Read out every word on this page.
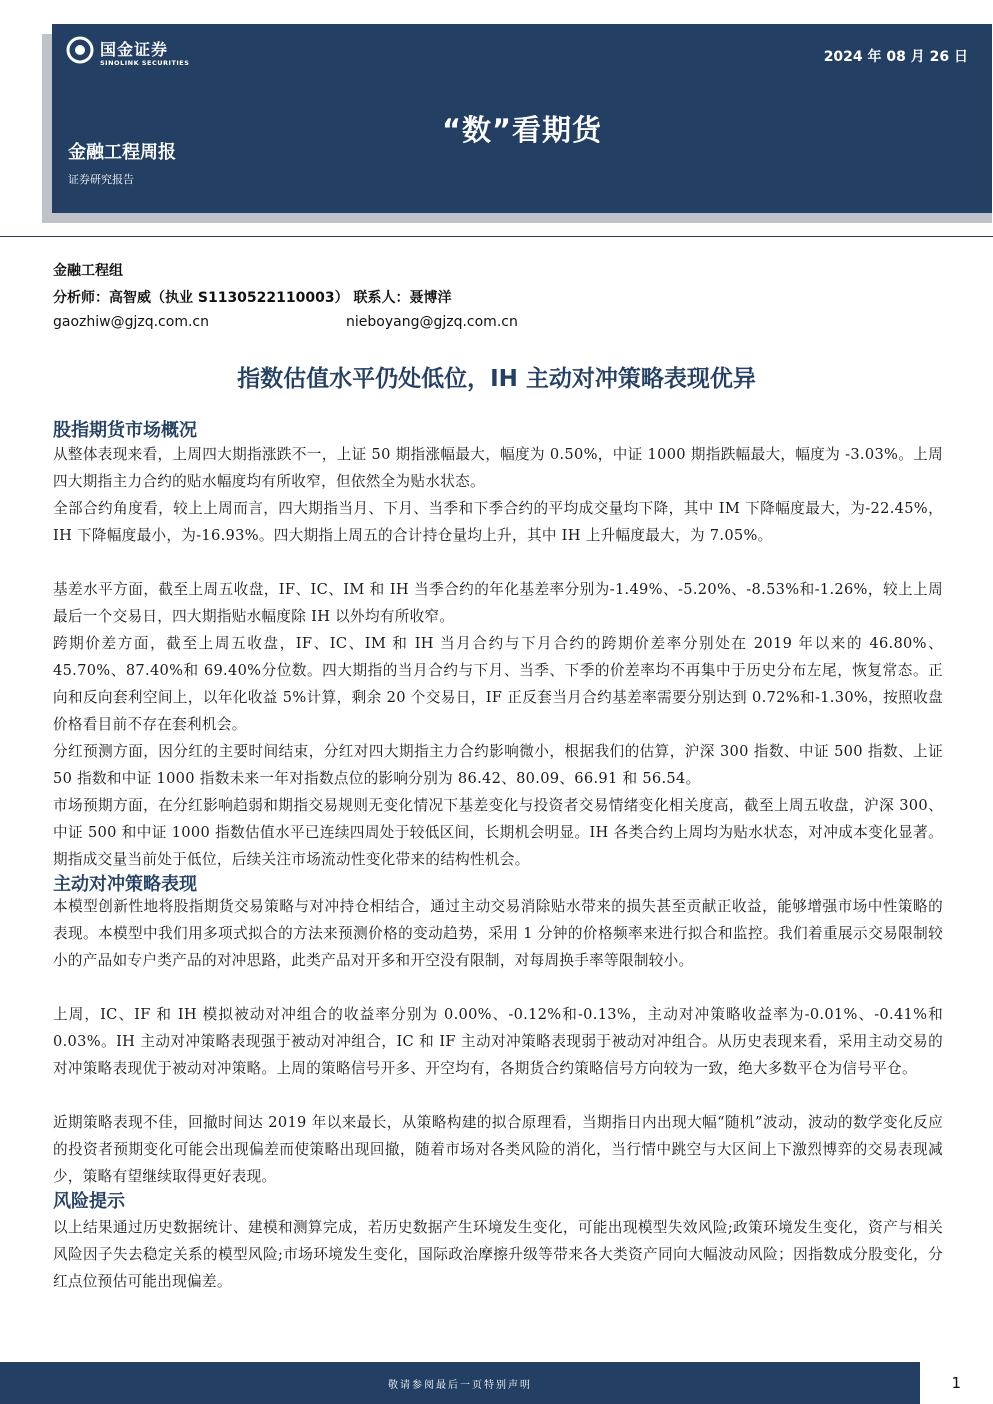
国金证券
SINOLINK SECURITIES	2024 年 08 月 26 日
“数”看期货
金融工程周报
证券研究报告
金融工程组
分析师：高智威（执业 S1130522110003） 联系人：聂博洋
gaozhiw@gjzq.com.cn	nieboyang@gjzq.com.cn
指数估值水平仍处低位，IH 主动对冲策略表现优异
股指期货市场概况

从整体表现来看，上周四大期指涨跌不一，上证 50 期指涨幅最大，幅度为 0.50%，中证 1000 期指跌幅最大，幅度为 -3.03%。上周四大期指主力合约的贴水幅度均有所收窄，但依然全为贴水状态。

全部合约角度看，较上上周而言，四大期指当月、下月、当季和下季合约的平均成交量均下降，其中 IM 下降幅度最大，为-22.45%，IH 下降幅度最小，为-16.93%。四大期指上周五的合计持仓量均上升，其中 IH 上升幅度最大，为 7.05%。

基差水平方面，截至上周五收盘，IF、IC、IM 和 IH 当季合约的年化基差率分别为-1.49%、-5.20%、-8.53%和-1.26%，较上上周最后一个交易日，四大期指贴水幅度除 IH 以外均有所收窄。

跨期价差方面，截至上周五收盘，IF、IC、IM 和 IH 当月合约与下月合约的跨期价差率分别处在 2019 年以来的 46.80%、45.70%、87.40%和 69.40%分位数。四大期指的当月合约与下月、当季、下季的价差率均不再集中于历史分布左尾，恢复常态。正向和反向套利空间上，以年化收益 5%计算，剩余 20 个交易日，IF 正反套当月合约基差率需要分别达到 0.72%和-1.30%，按照收盘价格看目前不存在套利机会。

分红预测方面，因分红的主要时间结束，分红对四大期指主力合约影响微小，根据我们的估算，沪深 300 指数、中证 500 指数、上证 50 指数和中证 1000 指数未来一年对指数点位的影响分别为 86.42、80.09、66.91 和 56.54。

市场预期方面，在分红影响趋弱和期指交易规则无变化情况下基差变化与投资者交易情绪变化相关度高，截至上周五收盘，沪深 300、中证 500 和中证 1000 指数估值水平已连续四周处于较低区间，长期机会明显。IH 各类合约上周均为贴水状态，对冲成本变化显著。期指成交量当前处于低位，后续关注市场流动性变化带来的结构性机会。

主动对冲策略表现

本模型创新性地将股指期货交易策略与对冲持仓相结合，通过主动交易消除贴水带来的损失甚至贡献正收益，能够增强市场中性策略的表现。本模型中我们用多项式拟合的方法来预测价格的变动趋势，采用 1 分钟的价格频率来进行拟合和监控。我们着重展示交易限制较小的产品如专户类产品的对冲思路，此类产品对开多和开空没有限制，对每周换手率等限制较小。

上周，IC、IF 和 IH 模拟被动对冲组合的收益率分别为 0.00%、-0.12%和-0.13%，主动对冲策略收益率为-0.01%、-0.41%和 0.03%。IH 主动对冲策略表现强于被动对冲组合，IC 和 IF 主动对冲策略表现弱于被动对冲组合。从历史表现来看，采用主动交易的对冲策略表现优于被动对冲策略。上周的策略信号开多、开空均有，各期货合约策略信号方向较为一致，绝大多数平仓为信号平仓。

近期策略表现不佳，回撤时间达 2019 年以来最长，从策略构建的拟合原理看，当期指日内出现大幅“随机”波动，波动的数学变化反应的投资者预期变化可能会出现偏差而使策略出现回撤，随着市场对各类风险的消化，当行情中跳空与大区间上下激烈博弈的交易表现减少，策略有望继续取得更好表现。

风险提示

以上结果通过历史数据统计、建模和测算完成，若历史数据产生环境发生变化，可能出现模型失效风险;政策环境发生变化，资产与相关风险因子失去稳定关系的模型风险;市场环境发生变化，国际政治摩擦升级等带来各大类资产同向大幅波动风险；因指数成分股变化，分红点位预估可能出现偏差。

敬请参阅最后一页特别声明	1
